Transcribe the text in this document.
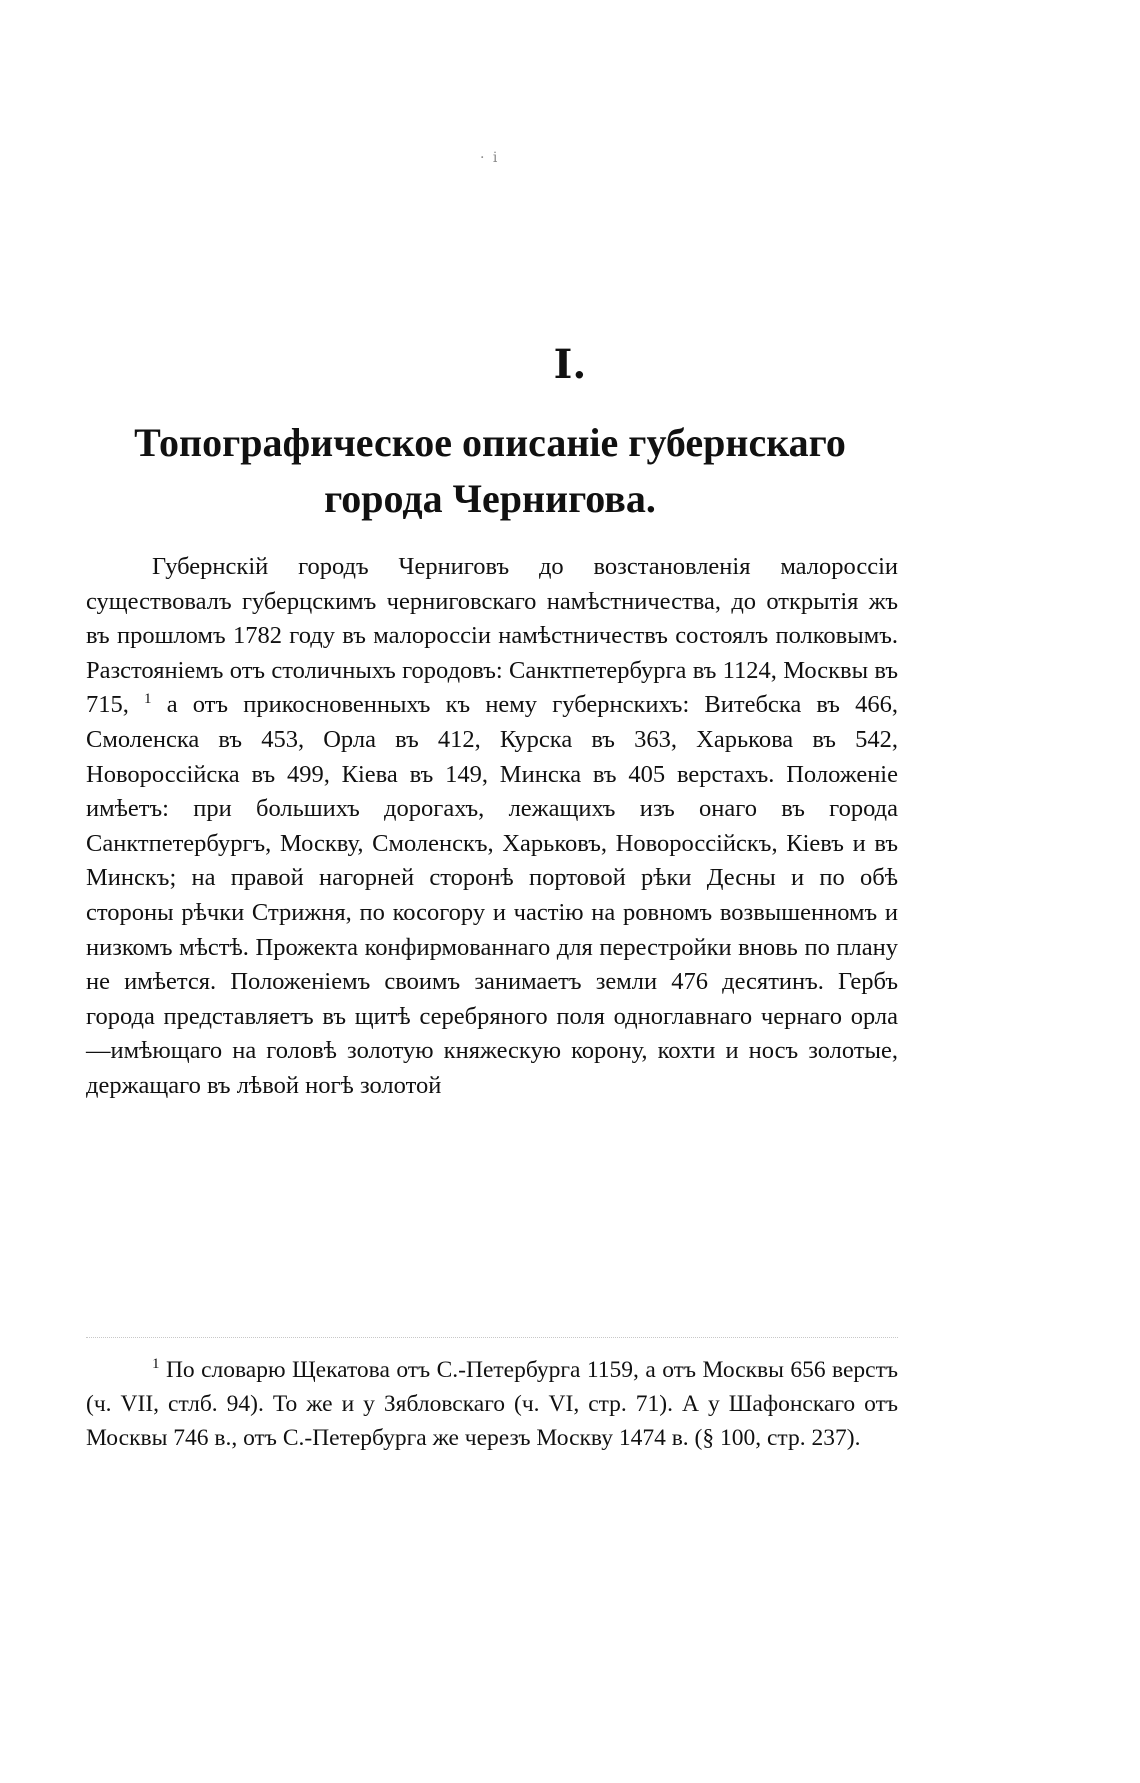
· i
I.
Топографическое описаніе губернскаго города Чернигова.

Губернскій городъ Черниговъ до возстановленія малороссіи существовалъ губерцскимъ черниговскаго намѣстничества, до открытія жъ въ прошломъ 1782 году въ малороссіи намѣстничествъ состоялъ полковымъ. Разстояніемъ отъ столичныхъ городовъ: Санктпетербурга въ 1124, Москвы въ 715, $^1$ а отъ прикосновенныхъ къ нему губернскихъ: Витебска въ 466, Смоленска въ 453, Орла въ 412, Курска въ 363, Харькова въ 542, Новороссійска въ 499, Кіева въ 149, Минска въ 405 верстахъ. Положеніе имѣетъ: при большихъ дорогахъ, лежащихъ изъ онаго въ города Санктпетербургъ, Москву, Смоленскъ, Харьковъ, Новороссійскъ, Кіевъ и въ Минскъ; на правой нагорней сторонѣ портовой рѣки Десны и по обѣ стороны рѣчки Стрижня, по косогору и частію на ровномъ возвышенномъ и низкомъ мѣстѣ. Прожекта конфирмованнаго для перестройки вновь по плану не имѣется. Положеніемъ своимъ занимаетъ земли 476 десятинъ. Гербъ города представляетъ въ щитѣ серебряного поля одноглавнаго чернаго орла—имѣющаго на головѣ золотую княжескую корону, кохти и носъ золотые, держащаго въ лѣвой ногѣ золотой

$^1$ По словарю Щекатова отъ С.-Петербурга 1159, а отъ Москвы 656 верстъ (ч. VII, стлб. 94). То же и у Зябловскаго (ч. VI, стр. 71). А у Шафонскаго отъ Москвы 746 в., отъ С.-Петербурга же черезъ Москву 1474 в. (§ 100, стр. 237).
